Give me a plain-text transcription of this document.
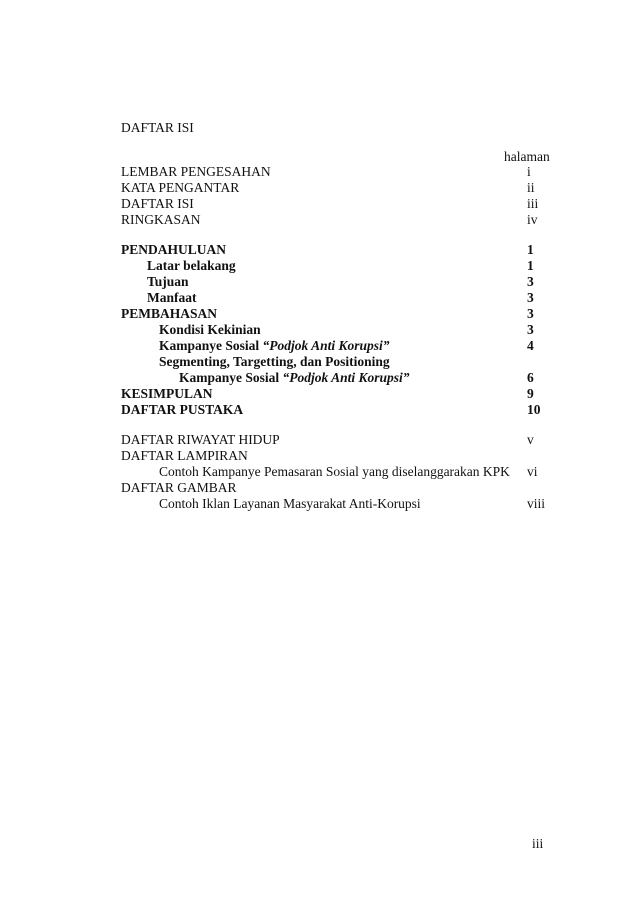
DAFTAR ISI
halaman
LEMBAR PENGESAHAN	i
KATA PENGANTAR	ii
DAFTAR ISI	iii
RINGKASAN	iv
PENDAHULUAN	1
Latar belakang	1
Tujuan	3
Manfaat	3
PEMBAHASAN	3
Kondisi Kekinian	3
Kampanye Sosial “Podjok Anti Korupsi”	4
Segmenting, Targetting, dan Positioning
Kampanye Sosial “Podjok Anti Korupsi”	6
KESIMPULAN	9
DAFTAR PUSTAKA	10
DAFTAR RIWAYAT HIDUP	v
DAFTAR LAMPIRAN
Contoh Kampanye Pemasaran Sosial yang diselanggarakan KPK vi
DAFTAR GAMBAR
Contoh Iklan Layanan Masyarakat Anti-Korupsi	viii
iii
